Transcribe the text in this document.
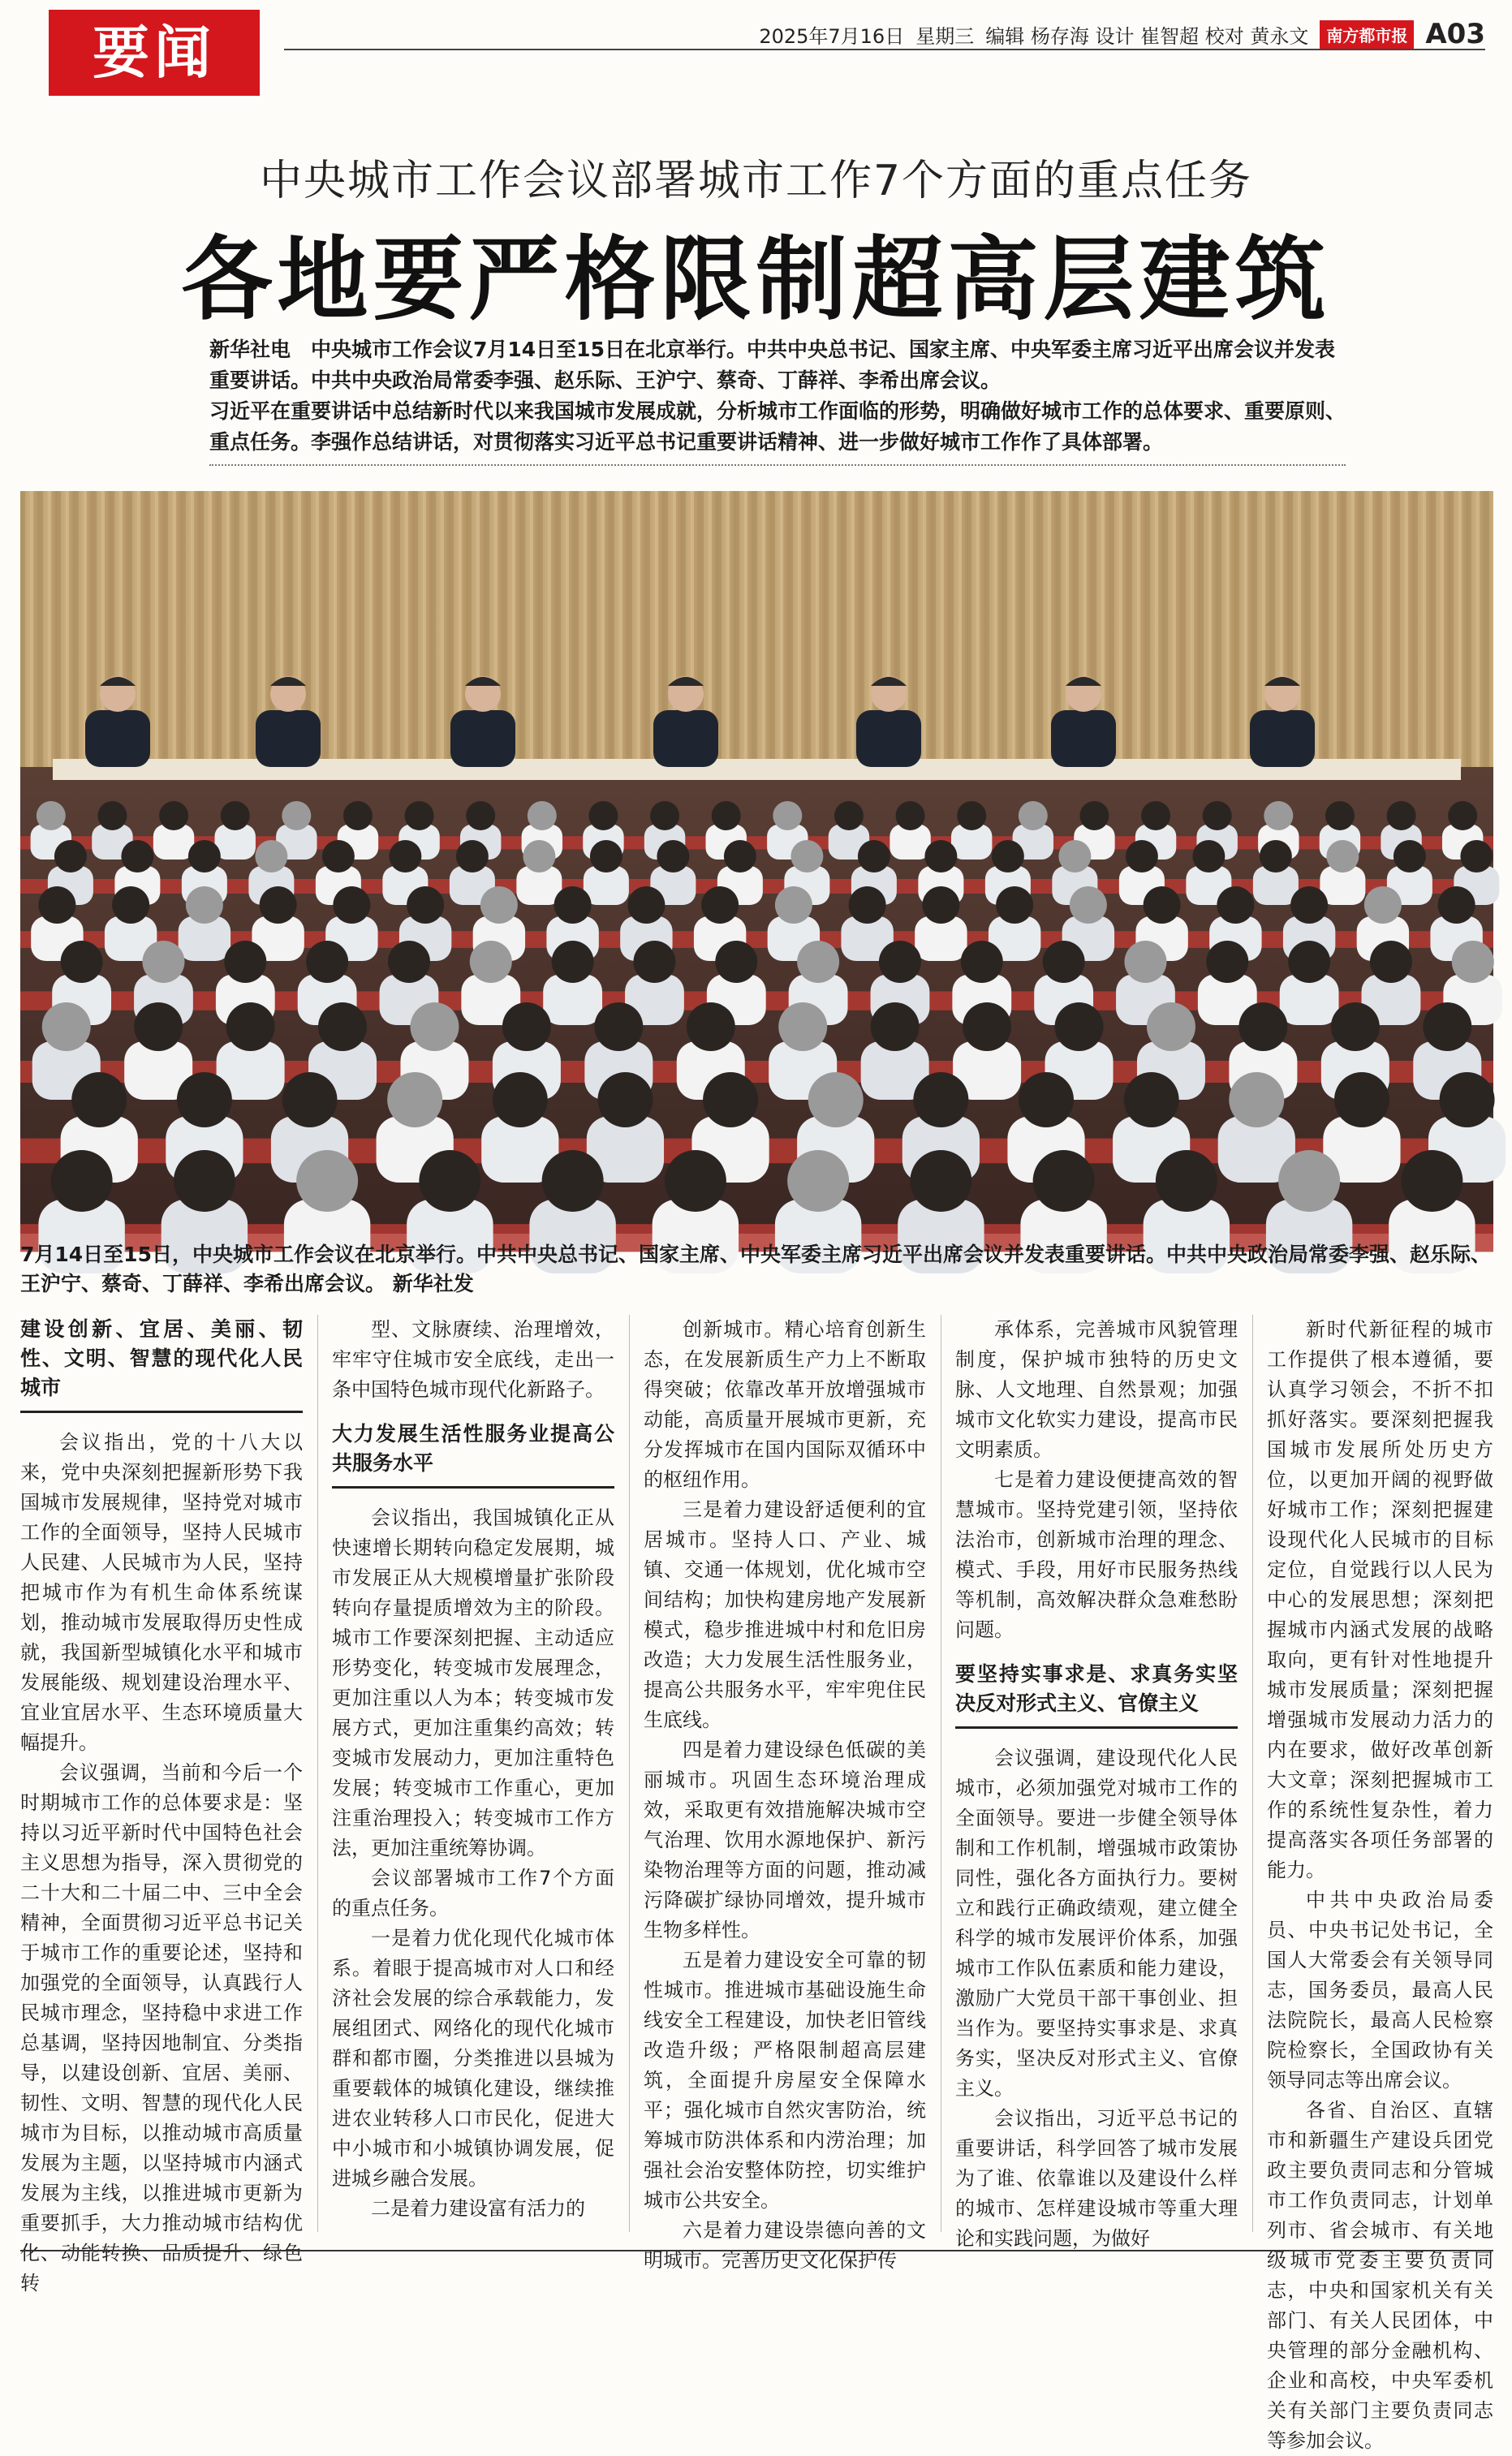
要闻	2025年7月16日 星期三 编辑 杨存海 设计 崔智超 校对 黄永文	南方都市报 A03
中央城市工作会议部署城市工作7个方面的重点任务
各地要严格限制超高层建筑

新华社电　中央城市工作会议7月14日至15日在北京举行。中共中央总书记、国家主席、中央军委主席习近平出席会议并发表重要讲话。中共中央政治局常委李强、赵乐际、王沪宁、蔡奇、丁薛祥、李希出席会议。

习近平在重要讲话中总结新时代以来我国城市发展成就，分析城市工作面临的形势，明确做好城市工作的总体要求、重要原则、重点任务。李强作总结讲话，对贯彻落实习近平总书记重要讲话精神、进一步做好城市工作作了具体部署。

7月14日至15日，中央城市工作会议在北京举行。中共中央总书记、国家主席、中央军委主席习近平出席会议并发表重要讲话。中共中央政治局常委李强、赵乐际、王沪宁、蔡奇、丁薛祥、李希出席会议。 新华社发
建设创新、宜居、美丽、韧性、文明、智慧的现代化人民城市

会议指出，党的十八大以来，党中央深刻把握新形势下我国城市发展规律，坚持党对城市工作的全面领导，坚持人民城市人民建、人民城市为人民，坚持把城市作为有机生命体系统谋划，推动城市发展取得历史性成就，我国新型城镇化水平和城市发展能级、规划建设治理水平、宜业宜居水平、生态环境质量大幅提升。

会议强调，当前和今后一个时期城市工作的总体要求是：坚持以习近平新时代中国特色社会主义思想为指导，深入贯彻党的二十大和二十届二中、三中全会精神，全面贯彻习近平总书记关于城市工作的重要论述，坚持和加强党的全面领导，认真践行人民城市理念，坚持稳中求进工作总基调，坚持因地制宜、分类指导，以建设创新、宜居、美丽、韧性、文明、智慧的现代化人民城市为目标，以推动城市高质量发展为主题，以坚持城市内涵式发展为主线，以推进城市更新为重要抓手，大力推动城市结构优化、动能转换、品质提升、绿色转

型、文脉赓续、治理增效，牢牢守住城市安全底线，走出一条中国特色城市现代化新路子。

大力发展生活性服务业提高公共服务水平

会议指出，我国城镇化正从快速增长期转向稳定发展期，城市发展正从大规模增量扩张阶段转向存量提质增效为主的阶段。城市工作要深刻把握、主动适应形势变化，转变城市发展理念，更加注重以人为本；转变城市发展方式，更加注重集约高效；转变城市发展动力，更加注重特色发展；转变城市工作重心，更加注重治理投入；转变城市工作方法，更加注重统筹协调。

会议部署城市工作7个方面的重点任务。

一是着力优化现代化城市体系。着眼于提高城市对人口和经济社会发展的综合承载能力，发展组团式、网络化的现代化城市群和都市圈，分类推进以县城为重要载体的城镇化建设，继续推进农业转移人口市民化，促进大中小城市和小城镇协调发展，促进城乡融合发展。

二是着力建设富有活力的

创新城市。精心培育创新生态，在发展新质生产力上不断取得突破；依靠改革开放增强城市动能，高质量开展城市更新，充分发挥城市在国内国际双循环中的枢纽作用。

三是着力建设舒适便利的宜居城市。坚持人口、产业、城镇、交通一体规划，优化城市空间结构；加快构建房地产发展新模式，稳步推进城中村和危旧房改造；大力发展生活性服务业，提高公共服务水平，牢牢兜住民生底线。

四是着力建设绿色低碳的美丽城市。巩固生态环境治理成效，采取更有效措施解决城市空气治理、饮用水源地保护、新污染物治理等方面的问题，推动减污降碳扩绿协同增效，提升城市生物多样性。

五是着力建设安全可靠的韧性城市。推进城市基础设施生命线安全工程建设，加快老旧管线改造升级；严格限制超高层建筑，全面提升房屋安全保障水平；强化城市自然灾害防治，统筹城市防洪体系和内涝治理；加强社会治安整体防控，切实维护城市公共安全。

六是着力建设崇德向善的文明城市。完善历史文化保护传

承体系，完善城市风貌管理制度，保护城市独特的历史文脉、人文地理、自然景观；加强城市文化软实力建设，提高市民文明素质。

七是着力建设便捷高效的智慧城市。坚持党建引领，坚持依法治市，创新城市治理的理念、模式、手段，用好市民服务热线等机制，高效解决群众急难愁盼问题。

要坚持实事求是、求真务实坚决反对形式主义、官僚主义

会议强调，建设现代化人民城市，必须加强党对城市工作的全面领导。要进一步健全领导体制和工作机制，增强城市政策协同性，强化各方面执行力。要树立和践行正确政绩观，建立健全科学的城市发展评价体系，加强城市工作队伍素质和能力建设，激励广大党员干部干事创业、担当作为。要坚持实事求是、求真务实，坚决反对形式主义、官僚主义。

会议指出，习近平总书记的重要讲话，科学回答了城市发展为了谁、依靠谁以及建设什么样的城市、怎样建设城市等重大理论和实践问题，为做好

新时代新征程的城市工作提供了根本遵循，要认真学习领会，不折不扣抓好落实。要深刻把握我国城市发展所处历史方位，以更加开阔的视野做好城市工作；深刻把握建设现代化人民城市的目标定位，自觉践行以人民为中心的发展思想；深刻把握城市内涵式发展的战略取向，更有针对性地提升城市发展质量；深刻把握增强城市发展动力活力的内在要求，做好改革创新大文章；深刻把握城市工作的系统性复杂性，着力提高落实各项任务部署的能力。

中共中央政治局委员、中央书记处书记，全国人大常委会有关领导同志，国务委员，最高人民法院院长，最高人民检察院检察长，全国政协有关领导同志等出席会议。

各省、自治区、直辖市和新疆生产建设兵团党政主要负责同志和分管城市工作负责同志，计划单列市、省会城市、有关地级城市党委主要负责同志，中央和国家机关有关部门、有关人民团体，中央管理的部分金融机构、企业和高校，中央军委机关有关部门主要负责同志等参加会议。
